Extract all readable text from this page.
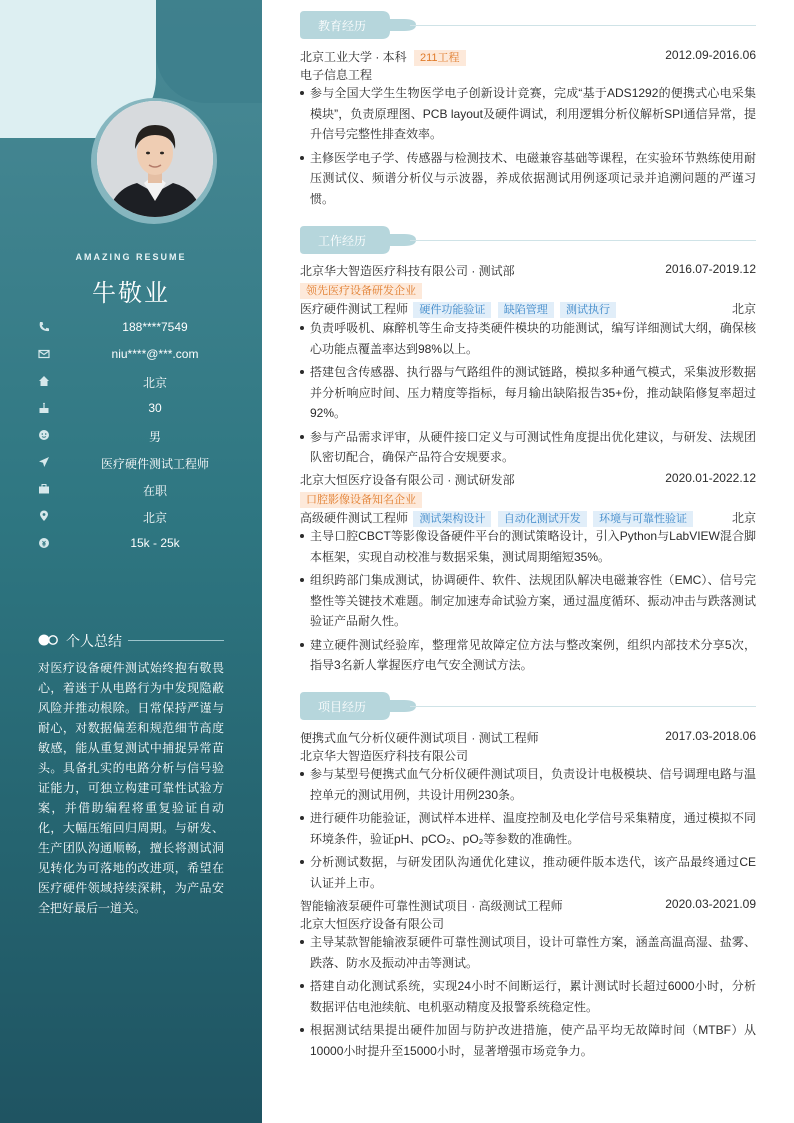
AMAZING RESUME
牛敬业
188****7549
niu****@***.com
北京
30
男
医疗硬件测试工程师
在职
北京
15k - 25k
个人总结
对医疗设备硬件测试始终抱有敬畏心，着迷于从电路行为中发现隐蔽风险并推动根除。日常保持严谨与耐心，对数据偏差和规范细节高度敏感，能从重复测试中捕捉异常苗头。具备扎实的电路分析与信号验证能力，可独立构建可靠性试验方案，并借助编程将重复验证自动化，大幅压缩回归周期。与研发、生产团队沟通顺畅，擅长将测试洞见转化为可落地的改进项，希望在医疗硬件领域持续深耕，为产品安全把好最后一道关。
教育经历
北京工业大学 · 本科 211工程	2012.09-2016.06
电子信息工程
参与全国大学生生物医学电子创新设计竞赛，完成“基于ADS1292的便携式心电采集模块”，负责原理图、PCB layout及硬件调试，利用逻辑分析仪解析SPI通信异常，提升信号完整性排查效率。
主修医学电子学、传感器与检测技术、电磁兼容基础等课程，在实验环节熟练使用耐压测试仪、频谱分析仪与示波器，养成依据测试用例逐项记录并追溯问题的严谨习惯。
工作经历
北京华大智造医疗科技有限公司 · 测试部	2016.07-2019.12
领先医疗设备研发企业
医疗硬件测试工程师 硬件功能验证 缺陷管理 测试执行	北京
负责呼吸机、麻醉机等生命支持类硬件模块的功能测试，编写详细测试大纲，确保核心功能点覆盖率达到98%以上。
搭建包含传感器、执行器与气路组件的测试链路，模拟多种通气模式，采集波形数据并分析响应时间、压力精度等指标，每月输出缺陷报告35+份，推动缺陷修复率超过92%。
参与产品需求评审，从硬件接口定义与可测试性角度提出优化建议，与研发、法规团队密切配合，确保产品符合安规要求。
北京大恒医疗设备有限公司 · 测试研发部	2020.01-2022.12
口腔影像设备知名企业
高级硬件测试工程师 测试架构设计 自动化测试开发 环境与可靠性验证	北京
主导口腔CBCT等影像设备硬件平台的测试策略设计，引入Python与LabVIEW混合脚本框架，实现自动校准与数据采集，测试周期缩短35%。
组织跨部门集成测试，协调硬件、软件、法规团队解决电磁兼容性（EMC）、信号完整性等关键技术难题。制定加速寿命试验方案，通过温度循环、振动冲击与跌落测试验证产品耐久性。
建立硬件测试经验库，整理常见故障定位方法与整改案例，组织内部技术分享5次，指导3名新人掌握医疗电气安全测试方法。
项目经历
便携式血气分析仪硬件测试项目 · 测试工程师	2017.03-2018.06
北京华大智造医疗科技有限公司
参与某型号便携式血气分析仪硬件测试项目，负责设计电极模块、信号调理电路与温控单元的测试用例，共设计用例230条。
进行硬件功能验证，测试样本进样、温度控制及电化学信号采集精度，通过模拟不同环境条件，验证pH、pCO₂、pO₂等参数的准确性。
分析测试数据，与研发团队沟通优化建议，推动硬件版本迭代，该产品最终通过CE认证并上市。
智能输液泵硬件可靠性测试项目 · 高级测试工程师	2020.03-2021.09
北京大恒医疗设备有限公司
主导某款智能输液泵硬件可靠性测试项目，设计可靠性方案，涵盖高温高湿、盐雾、跌落、防水及振动冲击等测试。
搭建自动化测试系统，实现24小时不间断运行，累计测试时长超过6000小时，分析数据评估电池续航、电机驱动精度及报警系统稳定性。
根据测试结果提出硬件加固与防护改进措施，使产品平均无故障时间（MTBF）从10000小时提升至15000小时，显著增强市场竞争力。
